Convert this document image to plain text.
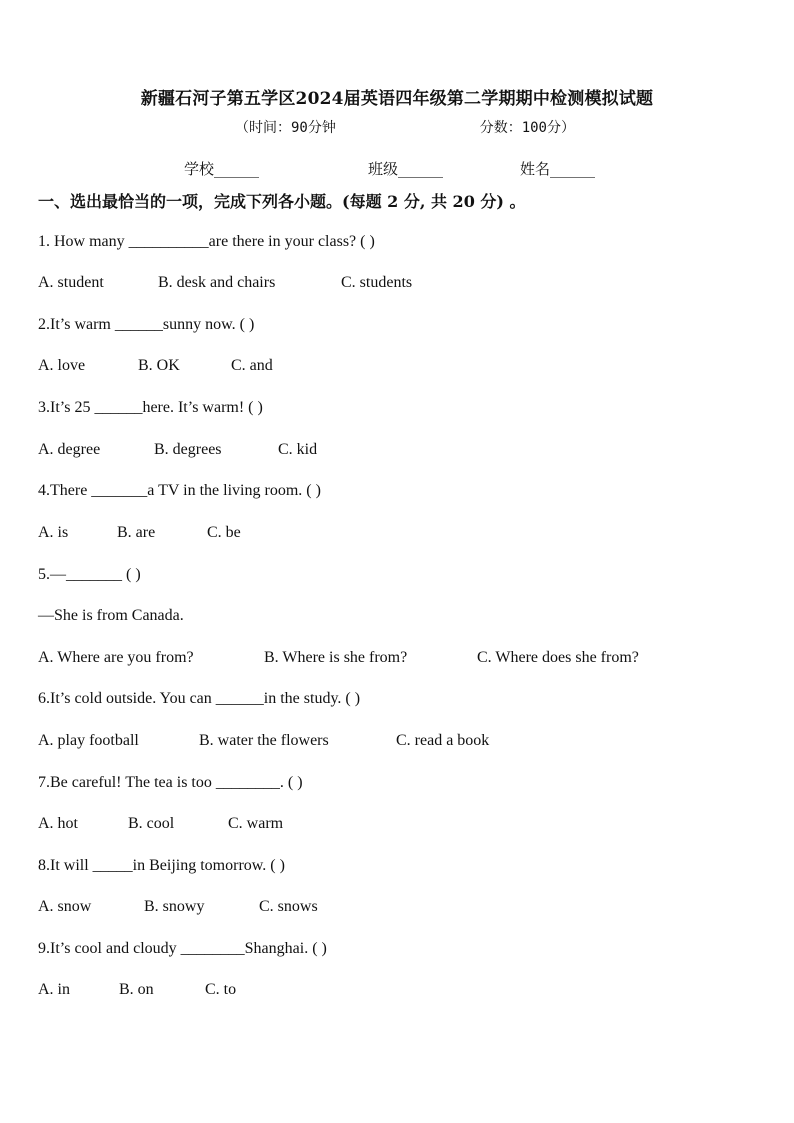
新疆石河子第五学区2024届英语四年级第二学期期中检测模拟试题
（时间：90分钟	分数：100分）
学校______	班级______	姓名______
一、选出最恰当的一项，完成下列各小题。(每题 2 分, 共 20 分) 。
1. How many __________are there in your class? ( )
A. student	B. desk and chairs	C. students
2.It’s warm ______sunny now. ( )
A. love	B. OK	C. and
3.It’s 25 ______here. It’s warm! ( )
A. degree	B. degrees	C. kid
4.There _______a TV in the living room. ( )
A. is	B. are	C. be
5.—_______ ( )
—She is from Canada.
A. Where are you from?	B. Where is she from?	C. Where does she from?
6.It’s cold outside. You can ______in the study. ( )
A. play football	B. water the flowers	C. read a book
7.Be careful! The tea is too ________. ( )
A. hot	B. cool	C. warm
8.It will _____in Beijing tomorrow. ( )
A. snow	B. snowy	C. snows
9.It’s cool and cloudy ________Shanghai. ( )
A. in	B. on	C. to
